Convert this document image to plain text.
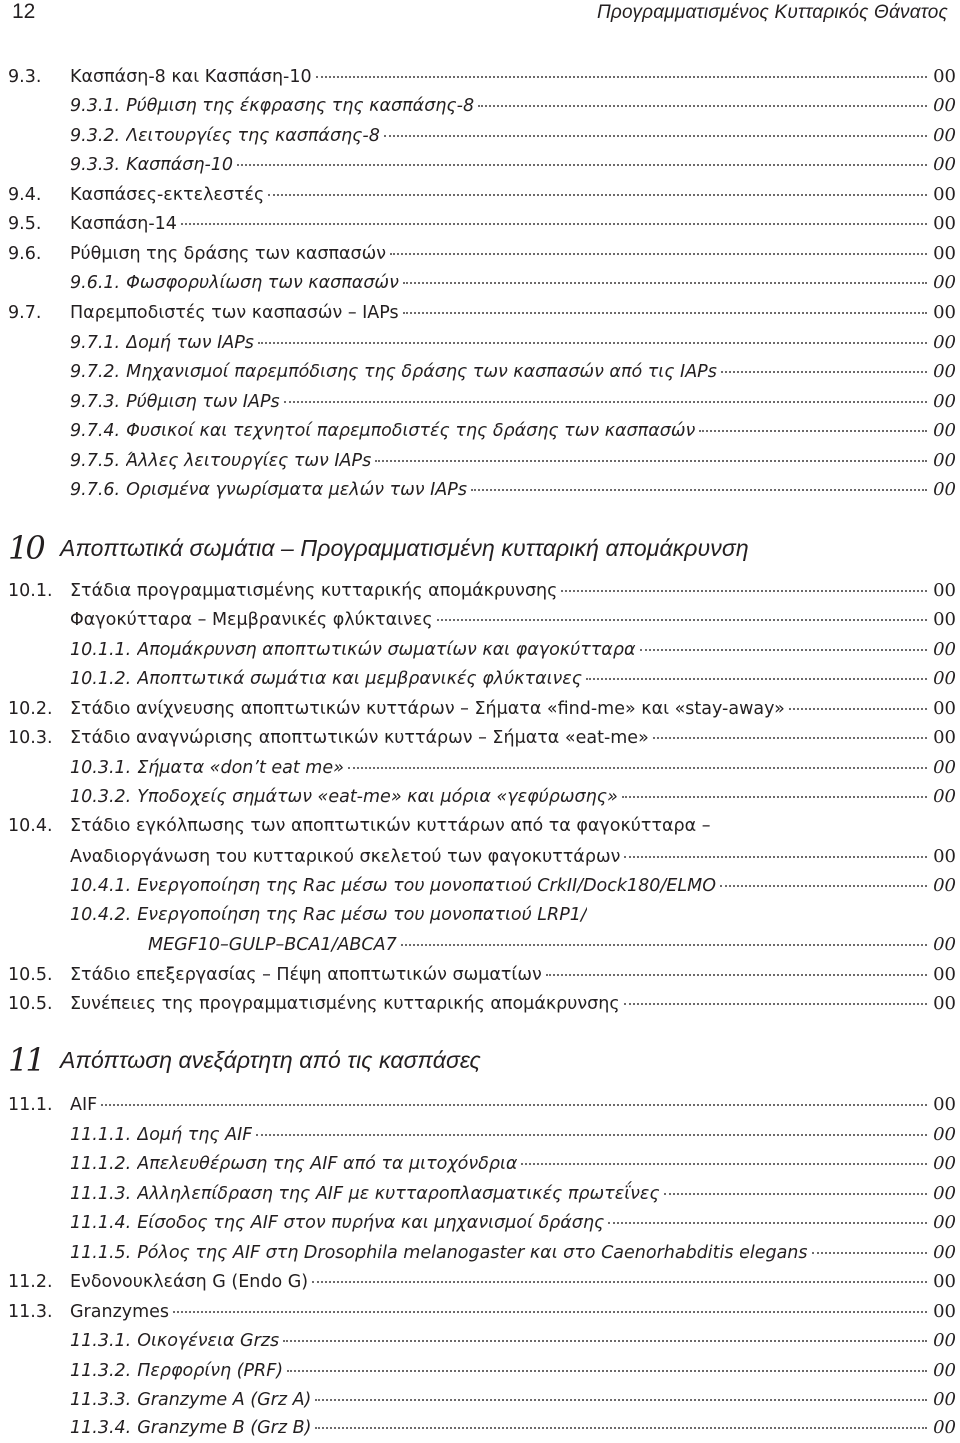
12	Προγραμματισμένος Κυτταρικός Θάνατος
9.3.	Κασπάση-8 και Κασπάση-10	00
9.3.1. Ρύθμιση της έκφρασης της κασπάσης-8	00
9.3.2. Λειτουργίες της κασπάσης-8	00
9.3.3. Κασπάση-10	00
9.4.	Κασπάσες-εκτελεστές	00
9.5.	Κασπάση-14	00
9.6.	Ρύθμιση της δράσης των κασπασών	00
9.6.1. Φωσφορυλίωση των κασπασών	00
9.7.	Παρεμποδιστές των κασπασών – IAPs	00
9.7.1. Δομή των IAPs	00
9.7.2. Μηχανισμοί παρεμπόδισης της δράσης των κασπασών από τις IAPs	00
9.7.3. Ρύθμιση των IAPs	00
9.7.4. Φυσικοί και τεχνητοί παρεμποδιστές της δράσης των κασπασών	00
9.7.5. Άλλες λειτουργίες των IAPs	00
9.7.6. Ορισμένα γνωρίσματα μελών των IAPs	00
10 Αποπτωτικά σωμάτια – Προγραμματισμένη κυτταρική απομάκρυνση
10.1. Στάδια προγραμματισμένης κυτταρικής απομάκρυνσης	00
Φαγοκύτταρα – Μεμβρανικές φλύκταινες	00
10.1.1. Απομάκρυνση αποπτωτικών σωματίων και φαγοκύτταρα	00
10.1.2. Αποπτωτικά σωμάτια και μεμβρανικές φλύκταινες	00
10.2. Στάδιο ανίχνευσης αποπτωτικών κυττάρων – Σήματα «find-me» και «stay-away»	00
10.3. Στάδιο αναγνώρισης αποπτωτικών κυττάρων – Σήματα «eat-me»	00
10.3.1. Σήματα «don’t eat me»	00
10.3.2. Υποδοχείς σημάτων «eat-me» και μόρια «γεφύρωσης»	00
10.4. Στάδιο εγκόλπωσης των αποπτωτικών κυττάρων από τα φαγοκύτταρα –
Αναδιοργάνωση του κυτταρικού σκελετού των φαγοκυττάρων	00
10.4.1. Ενεργοποίηση της Rac μέσω του μονοπατιού CrkII/Dock180/ELMO	00
10.4.2. Ενεργοποίηση της Rac μέσω του μονοπατιού LRP1/
MEGF10–GULP–BCA1/ABCA7	00
10.5. Στάδιο επεξεργασίας – Πέψη αποπτωτικών σωματίων	00
10.5. Συνέπειες της προγραμματισμένης κυτταρικής απομάκρυνσης	00
11 Απόπτωση ανεξάρτητη από τις κασπάσες
11.1. AIF	00
11.1.1. Δομή της AIF	00
11.1.2. Απελευθέρωση της AIF από τα μιτοχόνδρια	00
11.1.3. Αλληλεπίδραση της AIF με κυτταροπλασματικές πρωτεΐνες	00
11.1.4. Είσοδος της AIF στον πυρήνα και μηχανισμοί δράσης	00
11.1.5. Ρόλος της AIF στη Drosophila melanogaster και στο Caenorhabditis elegans	00
11.2. Ενδονουκλεάση G (Endo G)	00
11.3. Granzymes	00
11.3.1. Οικογένεια Grzs	00
11.3.2. Περφορίνη (PRF)	00
11.3.3. Granzyme A (Grz A)	00
11.3.4. Granzyme B (Grz B)	00
